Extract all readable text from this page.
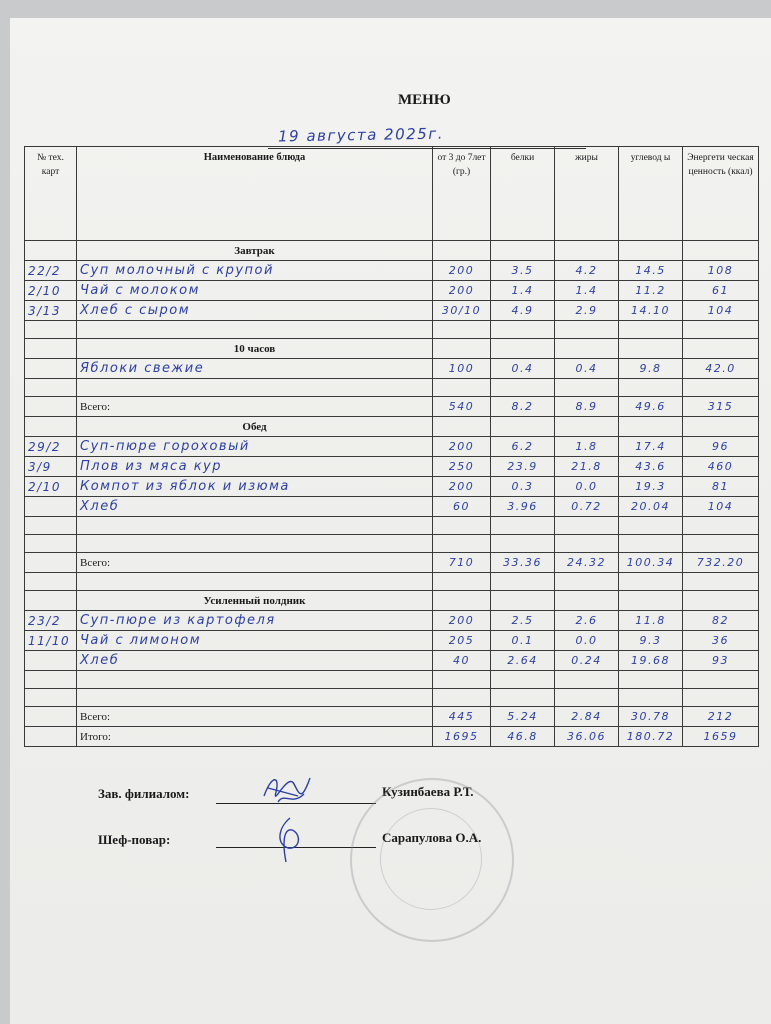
МЕНЮ
19 августа 2025г.
№ тех. карт	Наименование блюда	от 3 до 7лет (гр.)	белки	жиры	углевод ы	Энергети ческая ценность (ккал)
	Завтрак					
22/2	Суп молочный с крупой	200	3.5	4.2	14.5	108
2/10	Чай с молоком	200	1.4	1.4	11.2	61
3/13	Хлеб с сыром	30/10	4.9	2.9	14.10	104

	10 часов					
	Яблоки свежие	100	0.4	0.4	9.8	42.0

	Всего:	540	8.2	8.9	49.6	315
	Обед					
29/2	Суп-пюре гороховый	200	6.2	1.8	17.4	96
3/9	Плов из мяса кур	250	23.9	21.8	43.6	460
2/10	Компот из яблок и изюма	200	0.3	0.0	19.3	81
	Хлеб	60	3.96	0.72	20.04	104

	Всего:	710	33.36	24.32	100.34	732.20

	Усиленный полдник					
23/2	Суп-пюре из картофеля	200	2.5	2.6	11.8	82
11/10	Чай с лимоном	205	0.1	0.0	9.3	36
	Хлеб	40	2.64	0.24	19.68	93

	Всего:	445	5.24	2.84	30.78	212
	Итого:	1695	46.8	36.06	180.72	1659
Зав. филиалом:	Кузинбаева Р.Т.
Шеф-повар:	Сарапулова О.А.
